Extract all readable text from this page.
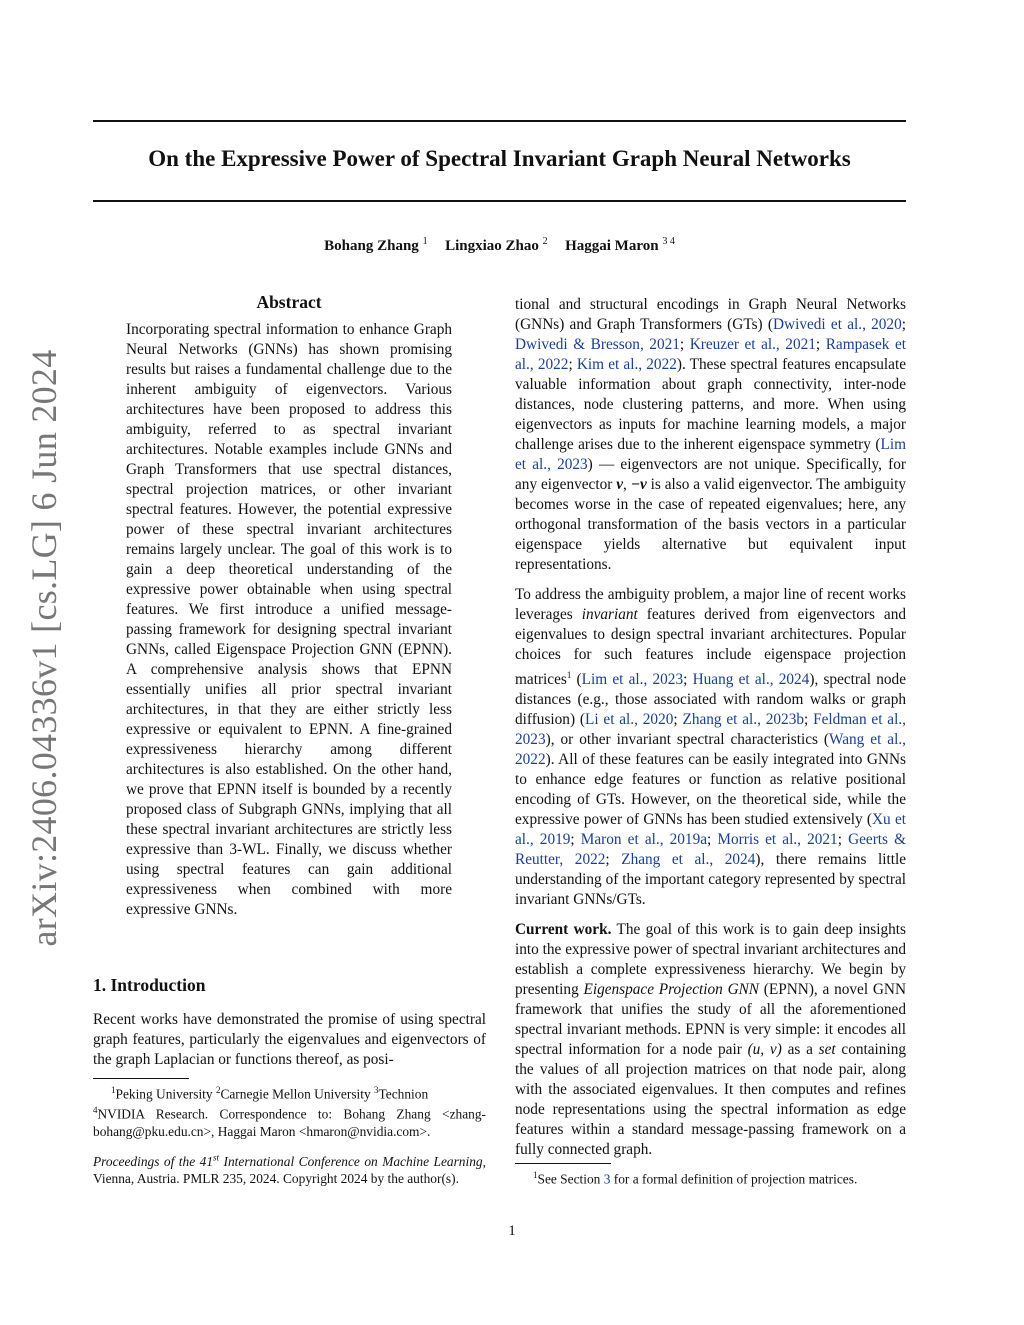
arXiv:2406.04336v1 [cs.LG] 6 Jun 2024
On the Expressive Power of Spectral Invariant Graph Neural Networks
Bohang Zhang $^1$ Lingxiao Zhao $^2$ Haggai Maron $^{3 4}$
Abstract
Incorporating spectral information to enhance Graph Neural Networks (GNNs) has shown promising results but raises a fundamental challenge due to the inherent ambiguity of eigenvectors. Various architectures have been proposed to address this ambiguity, referred to as spectral invariant architectures. Notable examples include GNNs and Graph Transformers that use spectral distances, spectral projection matrices, or other invariant spectral features. However, the potential expressive power of these spectral invariant architectures remains largely unclear. The goal of this work is to gain a deep theoretical understanding of the expressive power obtainable when using spectral features. We first introduce a unified message-passing framework for designing spectral invariant GNNs, called Eigenspace Projection GNN (EPNN). A comprehensive analysis shows that EPNN essentially unifies all prior spectral invariant architectures, in that they are either strictly less expressive or equivalent to EPNN. A fine-grained expressiveness hierarchy among different architectures is also established. On the other hand, we prove that EPNN itself is bounded by a recently proposed class of Subgraph GNNs, implying that all these spectral invariant architectures are strictly less expressive than 3-WL. Finally, we discuss whether using spectral features can gain additional expressiveness when combined with more expressive GNNs.
1. Introduction
Recent works have demonstrated the promise of using spectral graph features, particularly the eigenvalues and eigenvectors of the graph Laplacian or functions thereof, as posi-
$^1$Peking University $^2$Carnegie Mellon University $^3$Technion
$^4$NVIDIA Research. Correspondence to: Bohang Zhang <zhang-bohang@pku.edu.cn>, Haggai Maron <hmaron@nvidia.com>.
Proceedings of the 41st International Conference on Machine Learning, Vienna, Austria. PMLR 235, 2024. Copyright 2024 by the author(s).

tional and structural encodings in Graph Neural Networks (GNNs) and Graph Transformers (GTs) (Dwivedi et al., 2020; Dwivedi & Bresson, 2021; Kreuzer et al., 2021; Rampasek et al., 2022; Kim et al., 2022). These spectral features encapsulate valuable information about graph connectivity, inter-node distances, node clustering patterns, and more. When using eigenvectors as inputs for machine learning models, a major challenge arises due to the inherent eigenspace symmetry (Lim et al., 2023) — eigenvectors are not unique. Specifically, for any eigenvector v, −v is also a valid eigenvector. The ambiguity becomes worse in the case of repeated eigenvalues; here, any orthogonal transformation of the basis vectors in a particular eigenspace yields alternative but equivalent input representations.

To address the ambiguity problem, a major line of recent works leverages invariant features derived from eigenvectors and eigenvalues to design spectral invariant architectures. Popular choices for such features include eigenspace projection matrices$^1$ (Lim et al., 2023; Huang et al., 2024), spectral node distances (e.g., those associated with random walks or graph diffusion) (Li et al., 2020; Zhang et al., 2023b; Feldman et al., 2023), or other invariant spectral characteristics (Wang et al., 2022). All of these features can be easily integrated into GNNs to enhance edge features or function as relative positional encoding of GTs. However, on the theoretical side, while the expressive power of GNNs has been studied extensively (Xu et al., 2019; Maron et al., 2019a; Morris et al., 2021; Geerts & Reutter, 2022; Zhang et al., 2024), there remains little understanding of the important category represented by spectral invariant GNNs/GTs.

Current work. The goal of this work is to gain deep insights into the expressive power of spectral invariant architectures and establish a complete expressiveness hierarchy. We begin by presenting Eigenspace Projection GNN (EPNN), a novel GNN framework that unifies the study of all the aforementioned spectral invariant methods. EPNN is very simple: it encodes all spectral information for a node pair (u, v) as a set containing the values of all projection matrices on that node pair, along with the associated eigenvalues. It then computes and refines node representations using the spectral information as edge features within a standard message-passing framework on a fully connected graph.

$^1$See Section 3 for a formal definition of projection matrices.
1
